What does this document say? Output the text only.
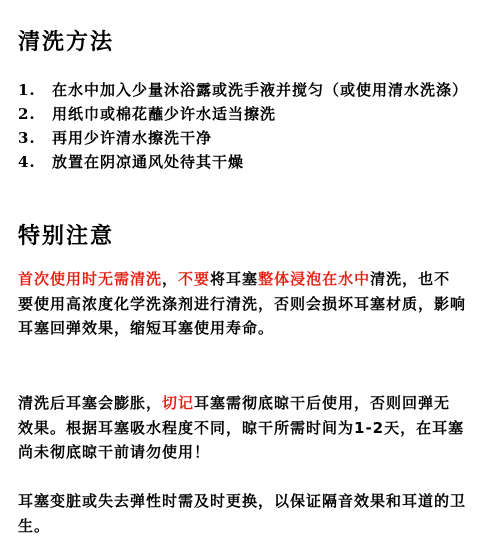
清洗方法
1. 在水中加入少量沐浴露或洗手液并搅匀（或使用清水洗涤）
2. 用纸巾或棉花蘸少许水适当擦洗
3. 再用少许清水擦洗干净
4. 放置在阴凉通风处待其干燥
特别注意
首次使用时无需清洗，不要将耳塞整体浸泡在水中清洗，也不要使用高浓度化学洗涤剂进行清洗，否则会损坏耳塞材质，影响耳塞回弹效果，缩短耳塞使用寿命。
清洗后耳塞会膨胀，切记耳塞需彻底晾干后使用，否则回弹无效果。根据耳塞吸水程度不同，晾干所需时间为1-2天，在耳塞尚未彻底晾干前请勿使用！
耳塞变脏或失去弹性时需及时更换，以保证隔音效果和耳道的卫生。
